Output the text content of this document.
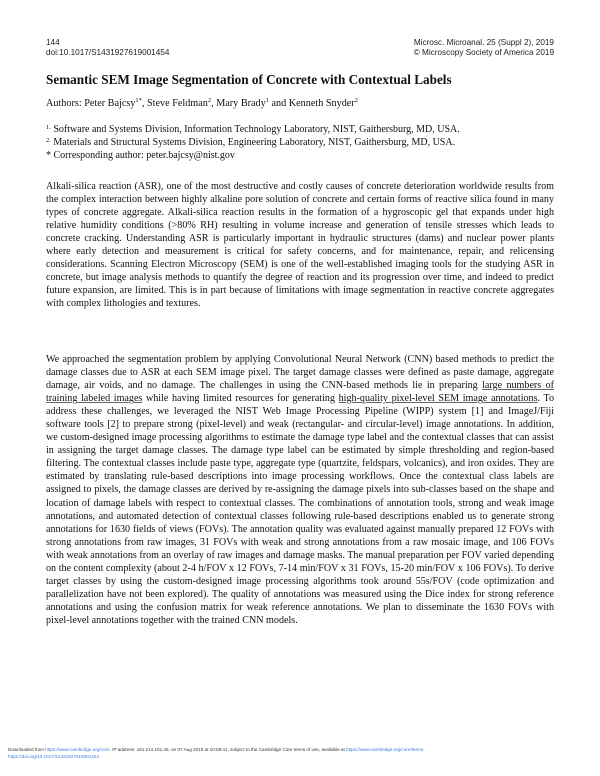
144
doi:10.1017/S1431927619001454
Microsc. Microanal. 25 (Suppl 2), 2019
© Microscopy Society of America 2019
Semantic SEM Image Segmentation of Concrete with Contextual Labels
Authors: Peter Bajcsy$^{1*}$, Steve Feldman$^2$, Mary Brady$^1$ and Kenneth Snyder$^2$
$^{1.}$ Software and Systems Division, Information Technology Laboratory, NIST, Gaithersburg, MD, USA.
$^{2.}$ Materials and Structural Systems Division, Engineering Laboratory, NIST, Gaithersburg, MD, USA.
* Corresponding author: peter.bajcsy@nist.gov
Alkali-silica reaction (ASR), one of the most destructive and costly causes of concrete deterioration worldwide results from the complex interaction between highly alkaline pore solution of concrete and certain forms of reactive silica found in many types of concrete aggregate. Alkali-silica reaction results in the formation of a hygroscopic gel that expands under high relative humidity conditions (>80% RH) resulting in volume increase and generation of tensile stresses which leads to concrete cracking. Understanding ASR is particularly important in hydraulic structures (dams) and nuclear power plants where early detection and measurement is critical for safety concerns, and for maintenance, repair, and relicensing considerations. Scanning Electron Microscopy (SEM) is one of the well-established imaging tools for the studying ASR in concrete, but image analysis methods to quantify the degree of reaction and its progression over time, and indeed to predict future expansion, are limited. This is in part because of limitations with image segmentation in reactive concrete aggregates with complex lithologies and textures.
We approached the segmentation problem by applying Convolutional Neural Network (CNN) based methods to predict the damage classes due to ASR at each SEM image pixel. The target damage classes were defined as paste damage, aggregate damage, air voids, and no damage. The challenges in using the CNN-based methods lie in preparing large numbers of training labeled images while having limited resources for generating high-quality pixel-level SEM image annotations. To address these challenges, we leveraged the NIST Web Image Processing Pipeline (WIPP) system [1] and ImageJ/Fiji software tools [2] to prepare strong (pixel-level) and weak (rectangular- and circular-level) image annotations. In addition, we custom-designed image processing algorithms to estimate the damage type label and the contextual classes that can assist in assigning the target damage classes. The damage type label can be estimated by simple thresholding and region-based filtering. The contextual classes include paste type, aggregate type (quartzite, feldspars, volcanics), and iron oxides. They are estimated by translating rule-based descriptions into image processing workflows. Once the contextual class labels are assigned to pixels, the damage classes are derived by re-assigning the damage pixels into sub-classes based on the shape and location of damage labels with respect to contextual classes. The combinations of annotation tools, strong and weak image annotations, and automated detection of contextual classes following rule-based descriptions enabled us to generate strong annotations for 1630 fields of views (FOVs). The annotation quality was evaluated against manually prepared 12 FOVs with strong annotations from raw images, 31 FOVs with weak and strong annotations from a raw mosaic image, and 106 FOVs with weak annotations from an overlay of raw images and damage masks. The manual preparation per FOV varied depending on the content complexity (about 2-4 h/FOV x 12 FOVs, 7-14 min/FOV x 31 FOVs, 15-20 min/FOV x 106 FOVs). To derive target classes by using the custom-designed image processing algorithms took around 55s/FOV (code optimization and parallelization have not been explored). The quality of annotations was measured using the Dice index for strong reference annotations and using the confusion matrix for weak reference annotations. We plan to disseminate the 1630 FOVs with pixel-level annotations together with the trained CNN models.
Downloaded from https://www.cambridge.org/core. IP address: 181.214.101.45, on 07 Aug 2019 at 10:08:41, subject to the Cambridge Core terms of use, available at https://www.cambridge.org/core/terms.
https://doi.org/10.1017/S1431927619001454
